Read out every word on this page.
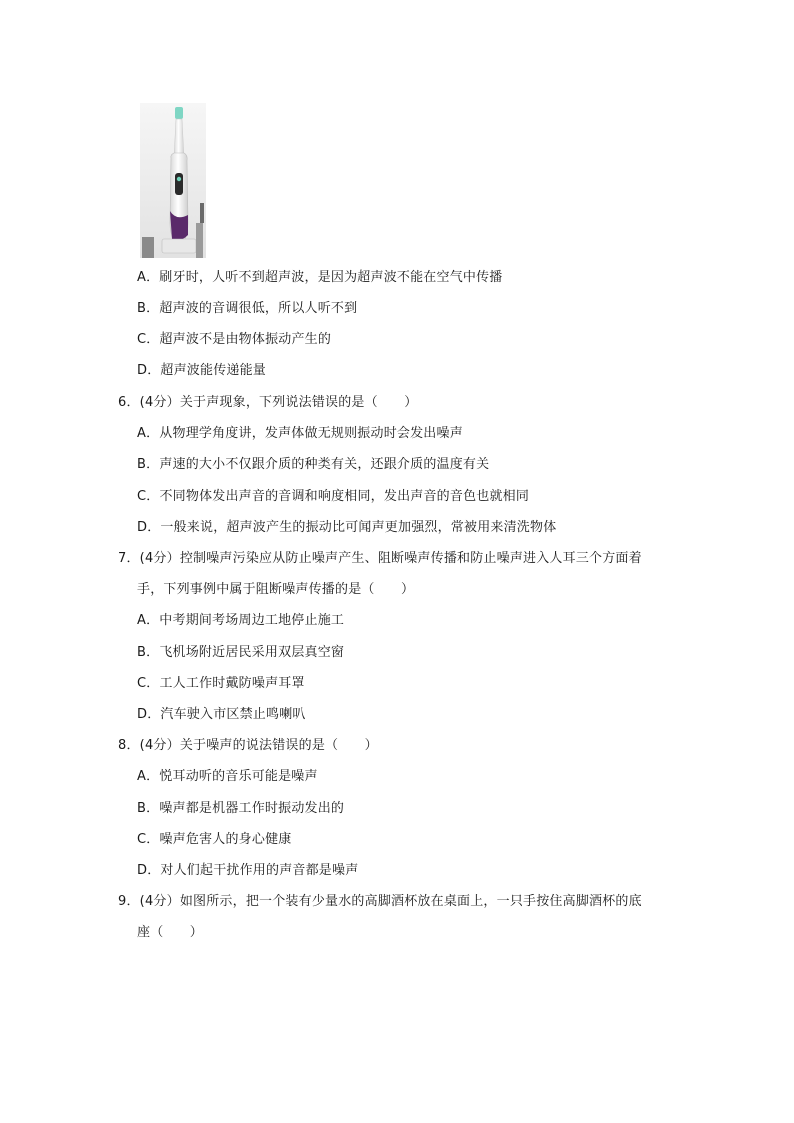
A．刷牙时，人听不到超声波，是因为超声波不能在空气中传播
B．超声波的音调很低，所以人听不到
C．超声波不是由物体振动产生的
D．超声波能传递能量
6．(4分）关于声现象，下列说法错误的是（　　）
A．从物理学角度讲，发声体做无规则振动时会发出噪声
B．声速的大小不仅跟介质的种类有关，还跟介质的温度有关
C．不同物体发出声音的音调和响度相同，发出声音的音色也就相同
D．一般来说，超声波产生的振动比可闻声更加强烈，常被用来清洗物体
7．(4分）控制噪声污染应从防止噪声产生、阻断噪声传播和防止噪声进入人耳三个方面着
手，下列事例中属于阻断噪声传播的是（　　）
A．中考期间考场周边工地停止施工
B．飞机场附近居民采用双层真空窗
C．工人工作时戴防噪声耳罩
D．汽车驶入市区禁止鸣喇叭
8．(4分）关于噪声的说法错误的是（　　）
A．悦耳动听的音乐可能是噪声
B．噪声都是机器工作时振动发出的
C．噪声危害人的身心健康
D．对人们起干扰作用的声音都是噪声
9．(4分）如图所示，把一个装有少量水的高脚酒杯放在桌面上，一只手按住高脚酒杯的底
座（　　）
